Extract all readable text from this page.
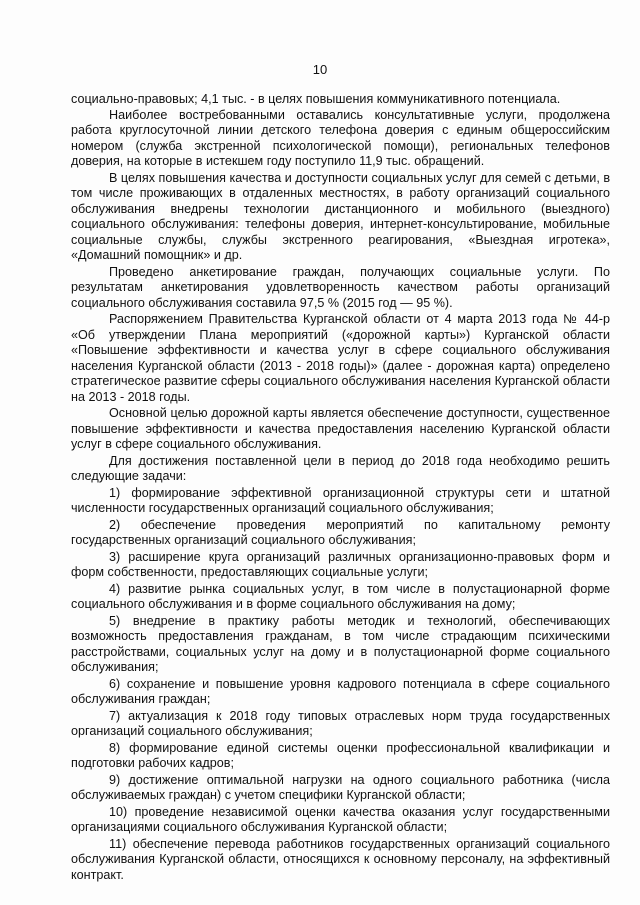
10

социально-правовых; 4,1 тыс. - в целях повышения коммуникативного потенциала.

Наиболее востребованными оставались консультативные услуги, продолжена работа круглосуточной линии детского телефона доверия с единым общероссийским номером (служба экстренной психологической помощи), региональных телефонов доверия, на которые в истекшем году поступило 11,9 тыс. обращений.

В целях повышения качества и доступности социальных услуг для семей с детьми, в том числе проживающих в отдаленных местностях, в работу организаций социального обслуживания внедрены технологии дистанционного и мобильного (выездного) социального обслуживания: телефоны доверия, интернет-консультирование, мобильные социальные службы, службы экстренного реагирования, «Выездная игротека», «Домашний помощник» и др.

Проведено анкетирование граждан, получающих социальные услуги. По результатам анкетирования удовлетворенность качеством работы организаций социального обслуживания составила 97,5 % (2015 год — 95 %).

Распоряжением Правительства Курганской области от 4 марта 2013 года № 44-р «Об утверждении Плана мероприятий («дорожной карты») Курганской области «Повышение эффективности и качества услуг в сфере социального обслуживания населения Курганской области (2013 - 2018 годы)» (далее - дорожная карта) определено стратегическое развитие сферы социального обслуживания населения Курганской области на 2013 - 2018 годы.

Основной целью дорожной карты является обеспечение доступности, существенное повышение эффективности и качества предоставления населению Курганской области услуг в сфере социального обслуживания.

Для достижения поставленной цели в период до 2018 года необходимо решить следующие задачи:

1) формирование эффективной организационной структуры сети и штатной численности государственных организаций социального обслуживания;

2) обеспечение проведения мероприятий по капитальному ремонту государственных организаций социального обслуживания;

3) расширение круга организаций различных организационно-правовых форм и форм собственности, предоставляющих социальные услуги;

4) развитие рынка социальных услуг, в том числе в полустационарной форме социального обслуживания и в форме социального обслуживания на дому;

5) внедрение в практику работы методик и технологий, обеспечивающих возможность предоставления гражданам, в том числе страдающим психическими расстройствами, социальных услуг на дому и в полустационарной форме социального обслуживания;

6) сохранение и повышение уровня кадрового потенциала в сфере социального обслуживания граждан;

7) актуализация к 2018 году типовых отраслевых норм труда государственных организаций социального обслуживания;

8) формирование единой системы оценки профессиональной квалификации и подготовки рабочих кадров;

9) достижение оптимальной нагрузки на одного социального работника (числа обслуживаемых граждан) с учетом специфики Курганской области;

10) проведение независимой оценки качества оказания услуг государственными организациями социального обслуживания Курганской области;

11) обеспечение перевода работников государственных организаций социального обслуживания Курганской области, относящихся к основному персоналу, на эффективный контракт.
